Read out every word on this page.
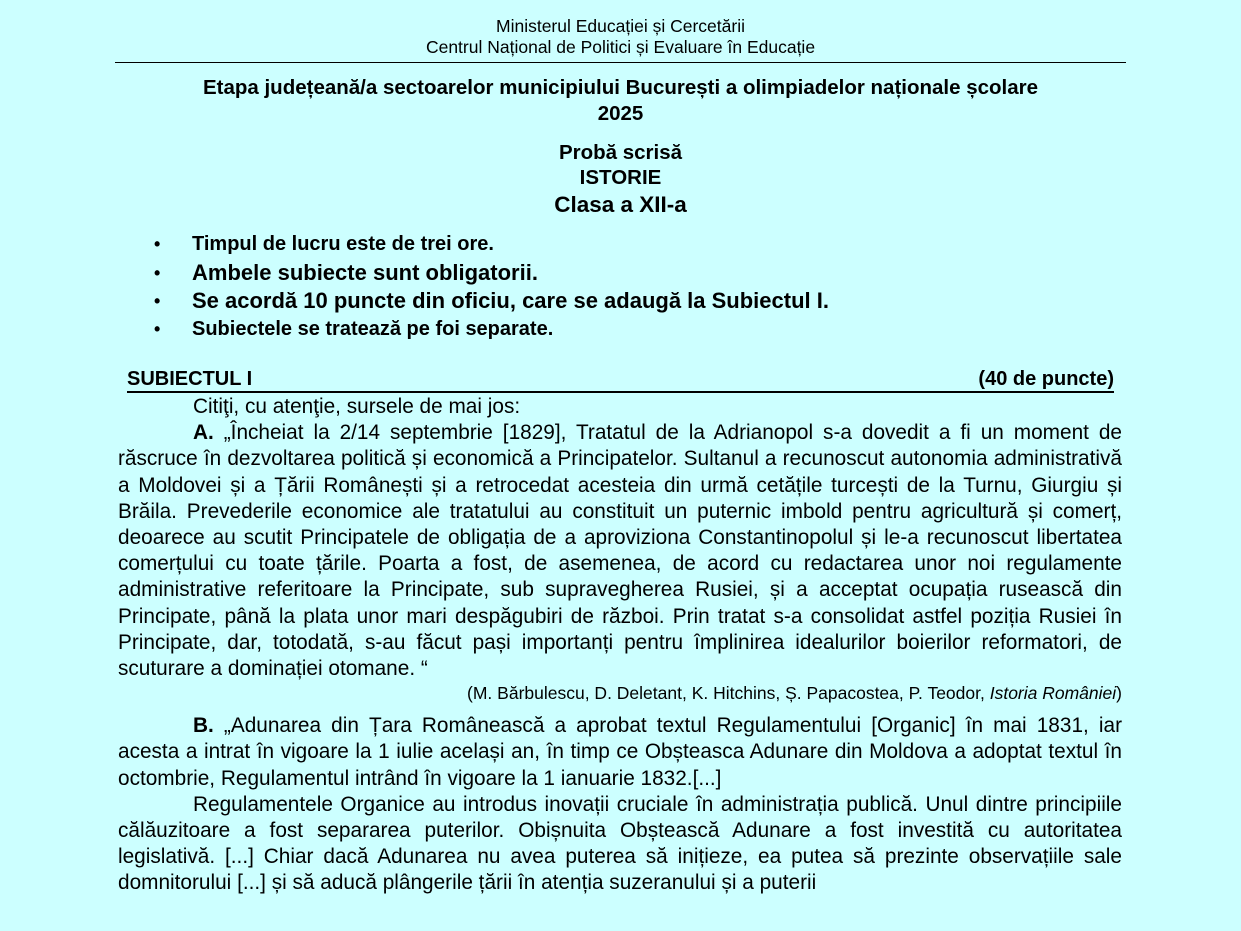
Ministerul Educației și Cercetării
Centrul Național de Politici și Evaluare în Educație
Etapa județeană/a sectoarelor municipiului București a olimpiadelor naționale școlare
2025
Probă scrisă
ISTORIE
Clasa a XII-a
• Timpul de lucru este de trei ore.
• Ambele subiecte sunt obligatorii.
• Se acordă 10 puncte din oficiu, care se adaugă la Subiectul I.
• Subiectele se tratează pe foi separate.
SUBIECTUL I	(40 de puncte)

Citiţi, cu atenţie, sursele de mai jos:

A. „Încheiat la 2/14 septembrie [1829], Tratatul de la Adrianopol s-a dovedit a fi un moment de răscruce în dezvoltarea politică și economică a Principatelor. Sultanul a recunoscut autonomia administrativă a Moldovei și a Țării Românești și a retrocedat acesteia din urmă cetățile turcești de la Turnu, Giurgiu și Brăila. Prevederile economice ale tratatului au constituit un puternic imbold pentru agricultură și comerț, deoarece au scutit Principatele de obligația de a aproviziona Constantinopolul și le-a recunoscut libertatea comerțului cu toate țările. Poarta a fost, de asemenea, de acord cu redactarea unor noi regulamente administrative referitoare la Principate, sub supravegherea Rusiei, și a acceptat ocupația rusească din Principate, până la plata unor mari despăgubiri de război. Prin tratat s-a consolidat astfel poziția Rusiei în Principate, dar, totodată, s-au făcut pași importanți pentru împlinirea idealurilor boierilor reformatori, de scuturare a dominației otomane. “

(M. Bărbulescu, D. Deletant, K. Hitchins, Ș. Papacostea, P. Teodor, Istoria României)

B. „Adunarea din Țara Românească a aprobat textul Regulamentului [Organic] în mai 1831, iar acesta a intrat în vigoare la 1 iulie același an, în timp ce Obșteasca Adunare din Moldova a adoptat textul în octombrie, Regulamentul intrând în vigoare la 1 ianuarie 1832.[...]

Regulamentele Organice au introdus inovații cruciale în administrația publică. Unul dintre principiile călăuzitoare a fost separarea puterilor. Obișnuita Obștească Adunare a fost investită cu autoritatea legislativă. [...] Chiar dacă Adunarea nu avea puterea să inițieze, ea putea să prezinte observațiile sale domnitorului [...] și să aducă plângerile țării în atenția suzeranului și a puterii
